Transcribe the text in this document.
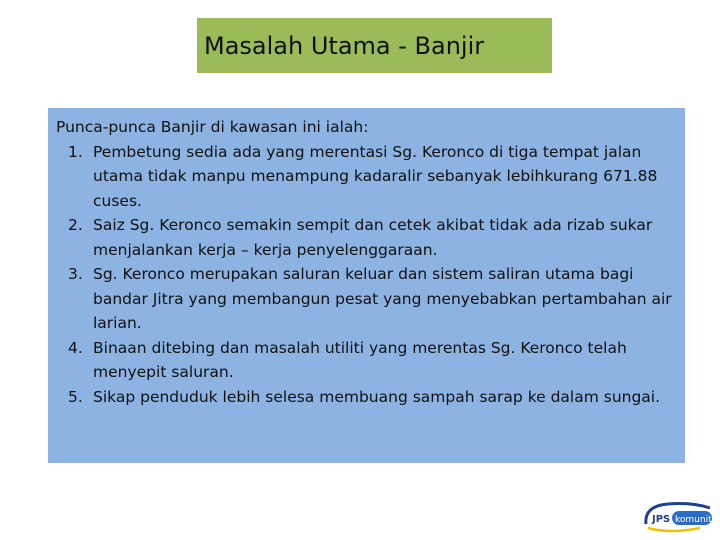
Masalah Utama - Banjir

Punca-punca Banjir di kawasan ini ialah:

1. Pembetung sedia ada yang merentasi Sg. Keronco di tiga tempat jalan utama tidak manpu menampung kadaralir sebanyak lebihkurang 671.88 cuses.
2. Saiz Sg. Keronco semakin sempit dan cetek akibat tidak ada rizab sukar menjalankan kerja – kerja penyelenggaraan.
3. Sg. Keronco merupakan saluran keluar dan sistem saliran utama bagi bandar Jitra yang membangun pesat yang menyebabkan pertambahan air larian.
4. Binaan ditebing dan masalah utiliti yang merentas Sg. Keronco telah menyepit saluran.
5. Sikap penduduk lebih selesa membuang sampah sarap ke dalam sungai.
JPS komuniti
